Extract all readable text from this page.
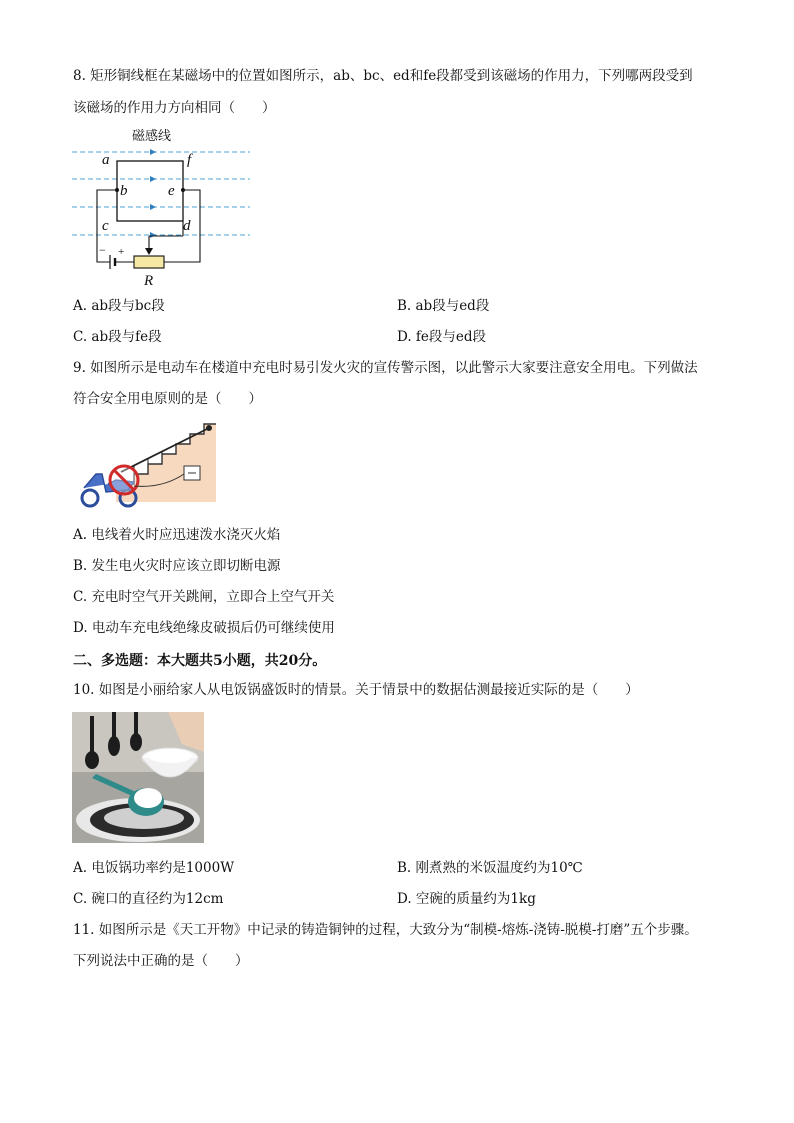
8. 矩形铜线框在某磁场中的位置如图所示，ab、bc、ed和fe段都受到该磁场的作用力，下列哪两段受到
该磁场的作用力方向相同（　　）
磁感线
− +
a	f
b	e
c	d
R
A. ab段与bc段	B. ab段与ed段
C. ab段与fe段	D. fe段与ed段
9. 如图所示是电动车在楼道中充电时易引发火灾的宣传警示图，以此警示大家要注意安全用电。下列做法
符合安全用电原则的是（　　）
A. 电线着火时应迅速泼水浇灭火焰
B. 发生电火灾时应该立即切断电源
C. 充电时空气开关跳闸，立即合上空气开关
D. 电动车充电线绝缘皮破损后仍可继续使用
二、多选题：本大题共5小题，共20分。
10. 如图是小丽给家人从电饭锅盛饭时的情景。关于情景中的数据估测最接近实际的是（　　）
A. 电饭锅功率约是1000W	B. 刚煮熟的米饭温度约为10℃
C. 碗口的直径约为12cm	D. 空碗的质量约为1kg
11. 如图所示是《天工开物》中记录的铸造铜钟的过程，大致分为“制模-熔炼-浇铸-脱模-打磨”五个步骤。
下列说法中正确的是（　　）
